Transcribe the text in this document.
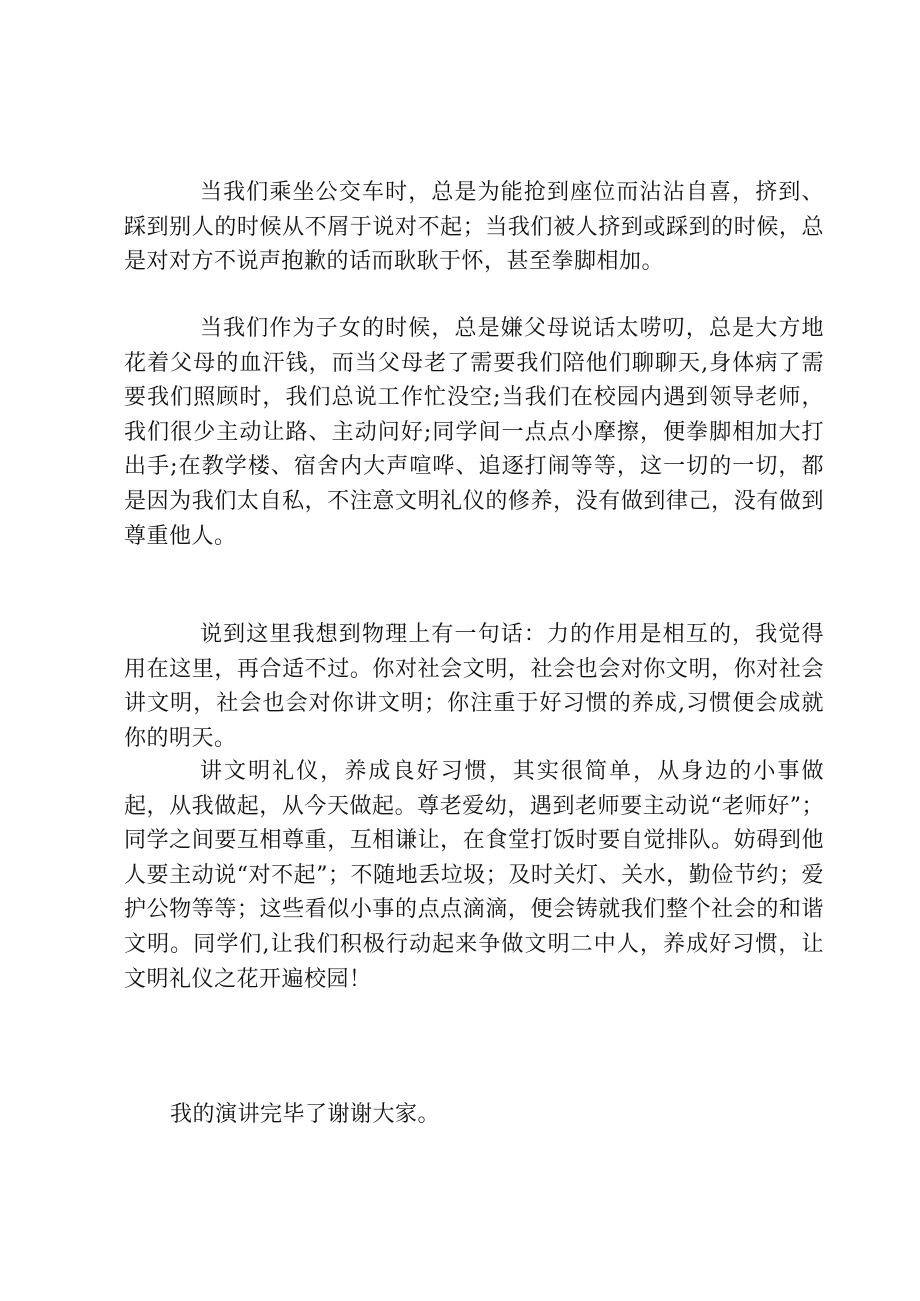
当我们乘坐公交车时，总是为能抢到座位而沾沾自喜，挤到、踩到别人的时候从不屑于说对不起；当我们被人挤到或踩到的时候，总是对对方不说声抱歉的话而耿耿于怀，甚至拳脚相加。

当我们作为子女的时候，总是嫌父母说话太唠叨，总是大方地花着父母的血汗钱，而当父母老了需要我们陪他们聊聊天,身体病了需要我们照顾时，我们总说工作忙没空;当我们在校园内遇到领导老师，我们很少主动让路、主动问好;同学间一点点小摩擦，便拳脚相加大打出手;在教学楼、宿舍内大声喧哗、追逐打闹等等，这一切的一切，都是因为我们太自私，不注意文明礼仪的修养，没有做到律己，没有做到尊重他人。

说到这里我想到物理上有一句话：力的作用是相互的，我觉得用在这里，再合适不过。你对社会文明，社会也会对你文明，你对社会讲文明，社会也会对你讲文明；你注重于好习惯的养成,习惯便会成就你的明天。

讲文明礼仪，养成良好习惯，其实很简单，从身边的小事做起，从我做起，从今天做起。尊老爱幼，遇到老师要主动说“老师好”；同学之间要互相尊重，互相谦让，在食堂打饭时要自觉排队。妨碍到他人要主动说“对不起”；不随地丢垃圾；及时关灯、关水，勤俭节约；爱护公物等等；这些看似小事的点点滴滴，便会铸就我们整个社会的和谐文明。同学们,让我们积极行动起来争做文明二中人，养成好习惯，让文明礼仪之花开遍校园！

我的演讲完毕了谢谢大家。
